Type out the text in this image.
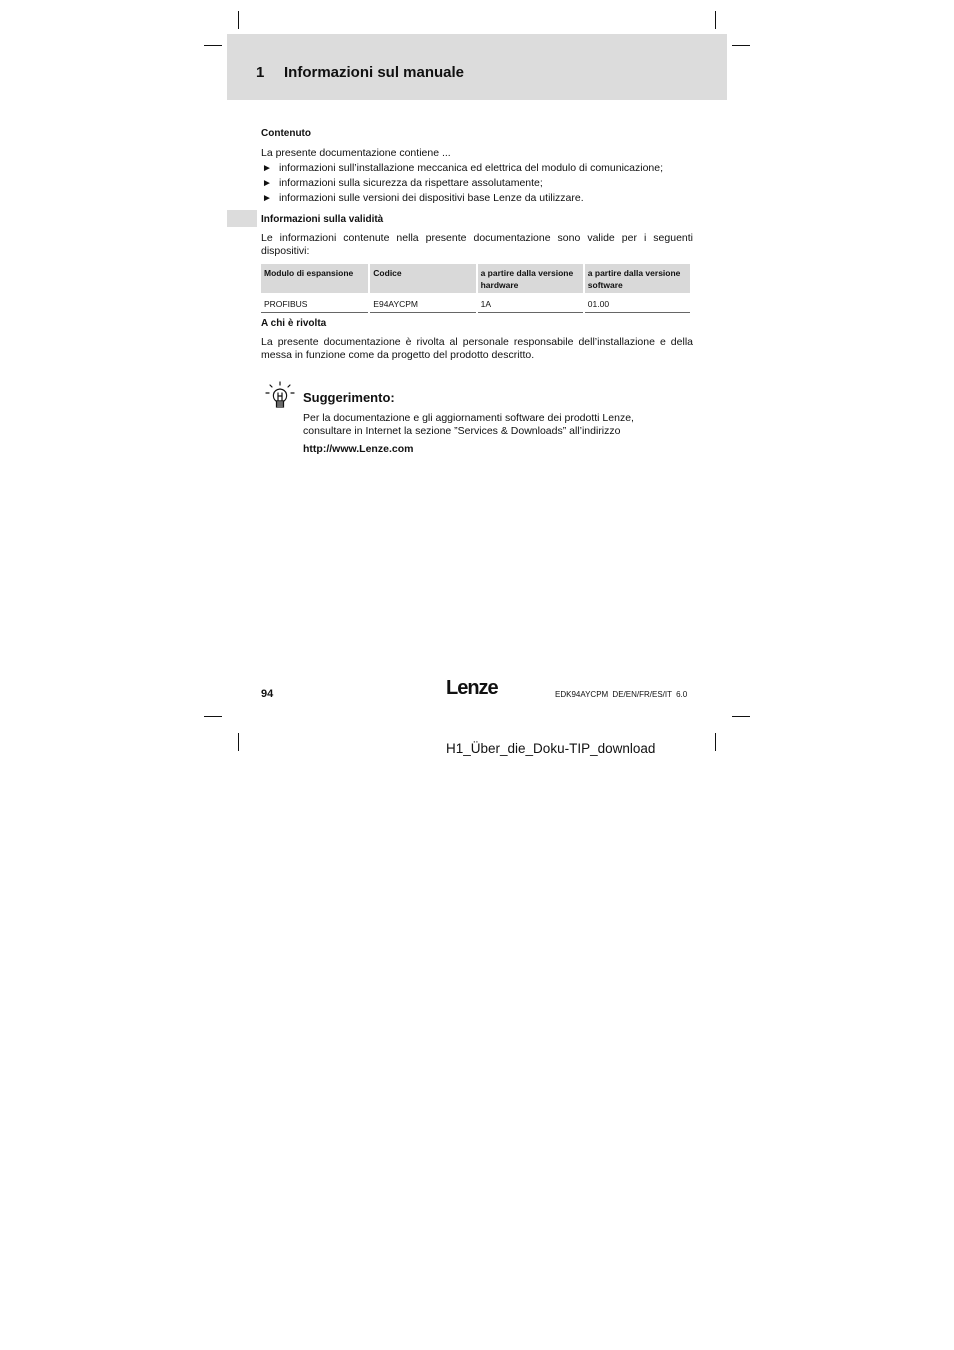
1 Informazioni sul manuale
Contenuto
La presente documentazione contiene ...
► informazioni sull’installazione meccanica ed elettrica del modulo di comunicazione;
► informazioni sulla sicurezza da rispettare assolutamente;
► informazioni sulle versioni dei dispositivi base Lenze da utilizzare.
Informazioni sulla validità
Le informazioni contenute nella presente documentazione sono valide per i seguenti dispositivi:
Modulo di espansione	Codice	a partire dalla versione hardware	a partire dalla versione software
PROFIBUS	E94AYCPM	1A	01.00
A chi è rivolta
La presente documentazione è rivolta al personale responsabile dell’installazione e della messa in funzione come da progetto del prodotto descritto.
Suggerimento:
Per la documentazione e gli aggiornamenti software dei prodotti Lenze, consultare in Internet la sezione ”Services & Downloads” all’indirizzo
http://www.Lenze.com
94	Lenze	EDK94AYCPM DE/EN/FR/ES/IT 6.0
H1_Über_die_Doku-TIP_download
